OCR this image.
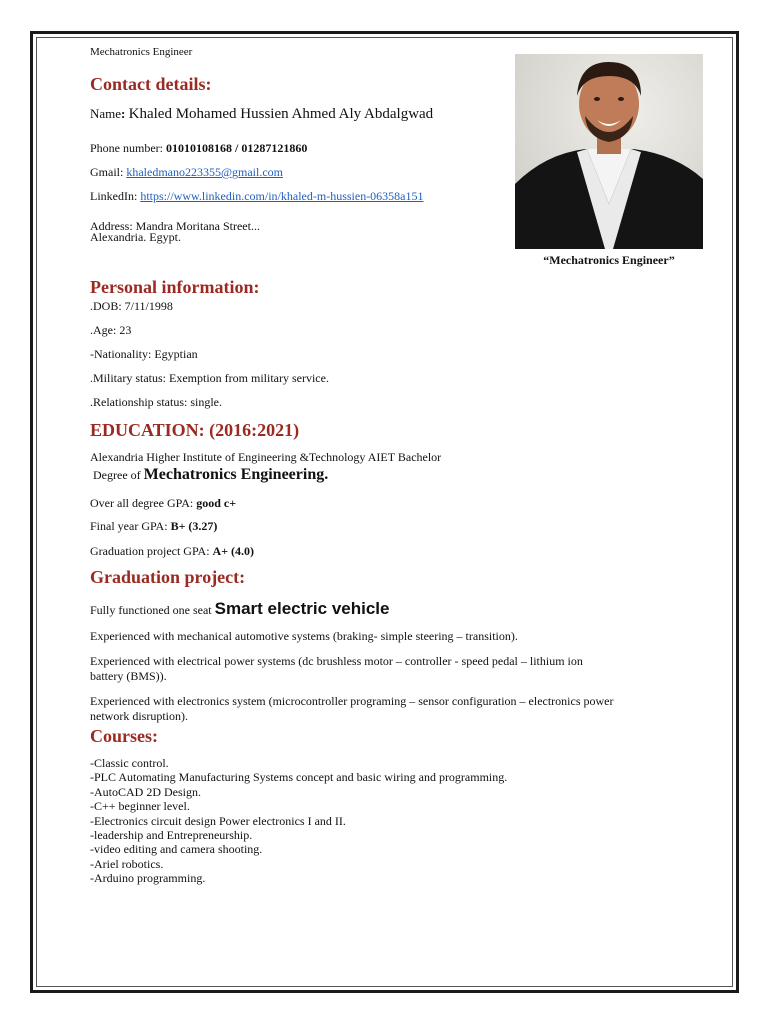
“Mechatronics Engineer”
Mechatronics Engineer
Contact details:
Name: Khaled Mohamed Hussien Ahmed Aly Abdalgwad
Phone number: 01010108168 / 01287121860
Gmail: khaledmano223355@gmail.com
LinkedIn: https://www.linkedin.com/in/khaled-m-hussien-06358a151
Address: Mandra Moritana Street...
Alexandria. Egypt.
Personal information:
.DOB: 7/11/1998
.Age: 23
-Nationality: Egyptian
.Military status: Exemption from military service.
.Relationship status: single.
EDUCATION: (2016:2021)
Alexandria Higher Institute of Engineering &Technology AIET Bachelor
Degree of Mechatronics Engineering.
Over all degree GPA: good c+
Final year GPA: B+ (3.27)
Graduation project GPA: A+ (4.0)
Graduation project:
Fully functioned one seat Smart electric vehicle
Experienced with mechanical automotive systems (braking- simple steering – transition).
Experienced with electrical power systems (dc brushless motor – controller - speed pedal – lithium ion
battery (BMS)).
Experienced with electronics system (microcontroller programing – sensor configuration – electronics power
network disruption).
Courses:
-Classic control.
-PLC Automating Manufacturing Systems concept and basic wiring and programming.
-AutoCAD 2D Design.
-C++ beginner level.
-Electronics circuit design Power electronics I and II.
-leadership and Entrepreneurship.
-video editing and camera shooting.
-Ariel robotics.
-Arduino programming.
